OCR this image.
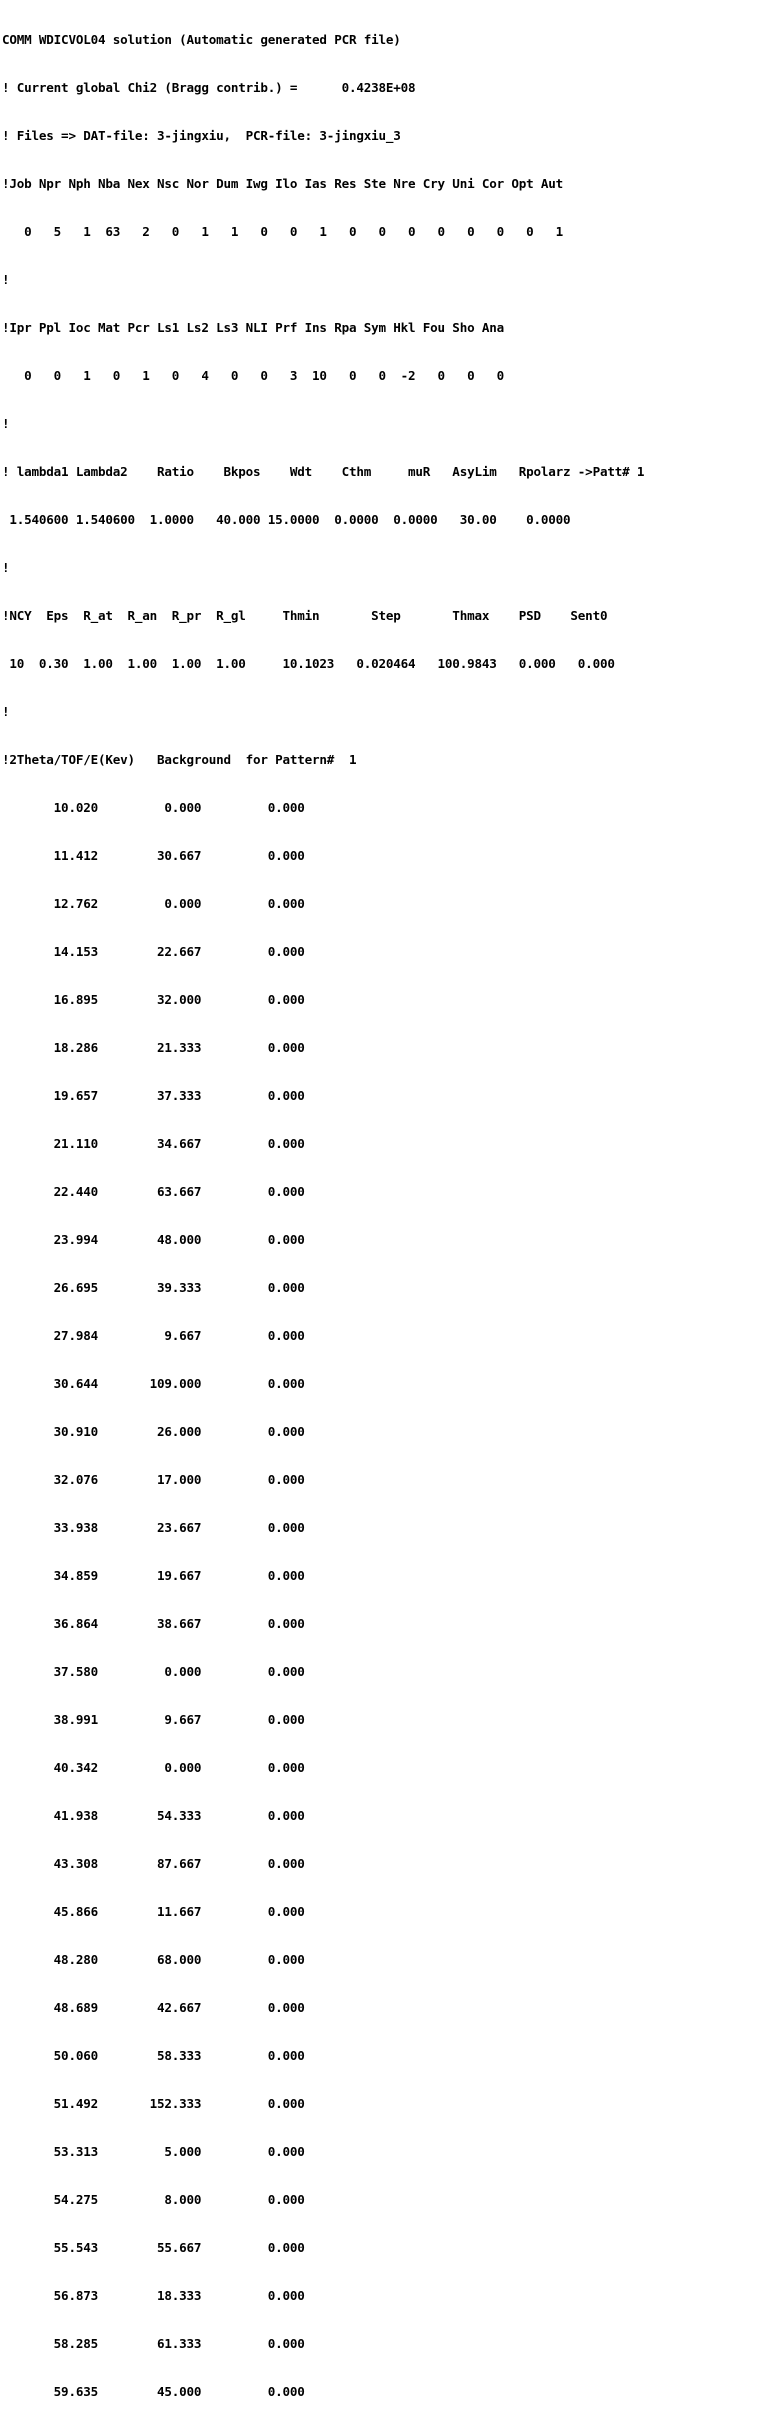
COMM WDICVOL04 solution (Automatic generated PCR file)

! Current global Chi2 (Bragg contrib.) =      0.4238E+08

! Files => DAT-file: 3-jingxiu,  PCR-file: 3-jingxiu_3

!Job Npr Nph Nba Nex Nsc Nor Dum Iwg Ilo Ias Res Ste Nre Cry Uni Cor Opt Aut

0   5   1  63   2   0   1   1   0   0   1   0   0   0   0   0   0   0   1

!

!Ipr Ppl Ioc Mat Pcr Ls1 Ls2 Ls3 NLI Prf Ins Rpa Sym Hkl Fou Sho Ana

0   0   1   0   1   0   4   0   0   3  10   0   0  -2   0   0   0

!

! lambda1 Lambda2    Ratio    Bkpos    Wdt    Cthm     muR   AsyLim   Rpolarz ->Patt# 1

1.540600 1.540600  1.0000   40.000 15.0000  0.0000  0.0000   30.00    0.0000

!

!NCY  Eps  R_at  R_an  R_pr  R_gl     Thmin       Step       Thmax    PSD    Sent0

10  0.30  1.00  1.00  1.00  1.00     10.1023   0.020464   100.9843   0.000   0.000

!

!2Theta/TOF/E(Kev)   Background  for Pattern#  1

10.020         0.000         0.000

11.412        30.667         0.000

12.762         0.000         0.000

14.153        22.667         0.000

16.895        32.000         0.000

18.286        21.333         0.000

19.657        37.333         0.000

21.110        34.667         0.000

22.440        63.667         0.000

23.994        48.000         0.000

26.695        39.333         0.000

27.984         9.667         0.000

30.644       109.000         0.000

30.910        26.000         0.000

32.076        17.000         0.000

33.938        23.667         0.000

34.859        19.667         0.000

36.864        38.667         0.000

37.580         0.000         0.000

38.991         9.667         0.000

40.342         0.000         0.000

41.938        54.333         0.000

43.308        87.667         0.000

45.866        11.667         0.000

48.280        68.000         0.000

48.689        42.667         0.000

50.060        58.333         0.000

51.492       152.333         0.000

53.313         5.000         0.000

54.275         8.000         0.000

55.543        55.667         0.000

56.873        18.333         0.000

58.285        61.333         0.000

59.635        45.000         0.000
